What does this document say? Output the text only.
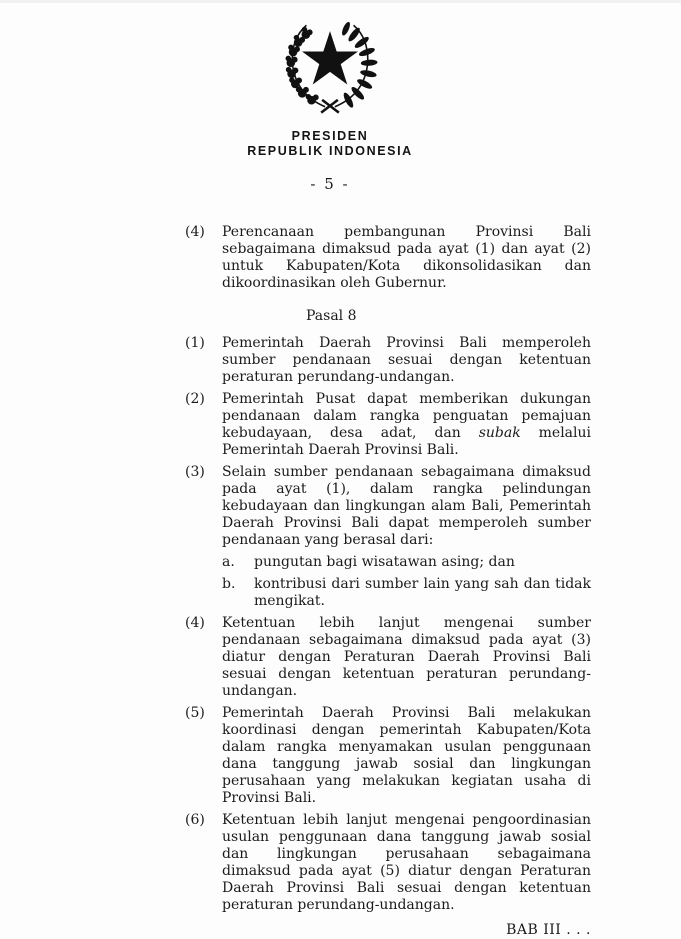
PRESIDEN
REPUBLIK INDONESIA
- 5 -
(4)	Perencanaan pembangunan Provinsi Bali sebagaimana dimaksud pada ayat (1) dan ayat (2) untuk Kabupaten/Kota dikonsolidasikan dan dikoordinasikan oleh Gubernur.
Pasal 8
(1)	Pemerintah Daerah Provinsi Bali memperoleh sumber pendanaan sesuai dengan ketentuan peraturan perundang-undangan.
(2)	Pemerintah Pusat dapat memberikan dukungan pendanaan dalam rangka penguatan pemajuan kebudayaan, desa adat, dan subak melalui Pemerintah Daerah Provinsi Bali.
(3)	Selain sumber pendanaan sebagaimana dimaksud pada ayat (1), dalam rangka pelindungan kebudayaan dan lingkungan alam Bali, Pemerintah Daerah Provinsi Bali dapat memperoleh sumber pendanaan yang berasal dari:
a.	pungutan bagi wisatawan asing; dan
b.	kontribusi dari sumber lain yang sah dan tidak mengikat.
(4)	Ketentuan lebih lanjut mengenai sumber pendanaan sebagaimana dimaksud pada ayat (3) diatur dengan Peraturan Daerah Provinsi Bali sesuai dengan ketentuan peraturan perundang-undangan.
(5)	Pemerintah Daerah Provinsi Bali melakukan koordinasi dengan pemerintah Kabupaten/Kota dalam rangka menyamakan usulan penggunaan dana tanggung jawab sosial dan lingkungan perusahaan yang melakukan kegiatan usaha di Provinsi Bali.
(6)	Ketentuan lebih lanjut mengenai pengoordinasian usulan penggunaan dana tanggung jawab sosial dan lingkungan perusahaan sebagaimana dimaksud pada ayat (5) diatur dengan Peraturan Daerah Provinsi Bali sesuai dengan ketentuan peraturan perundang-undangan.
BAB III . . .
